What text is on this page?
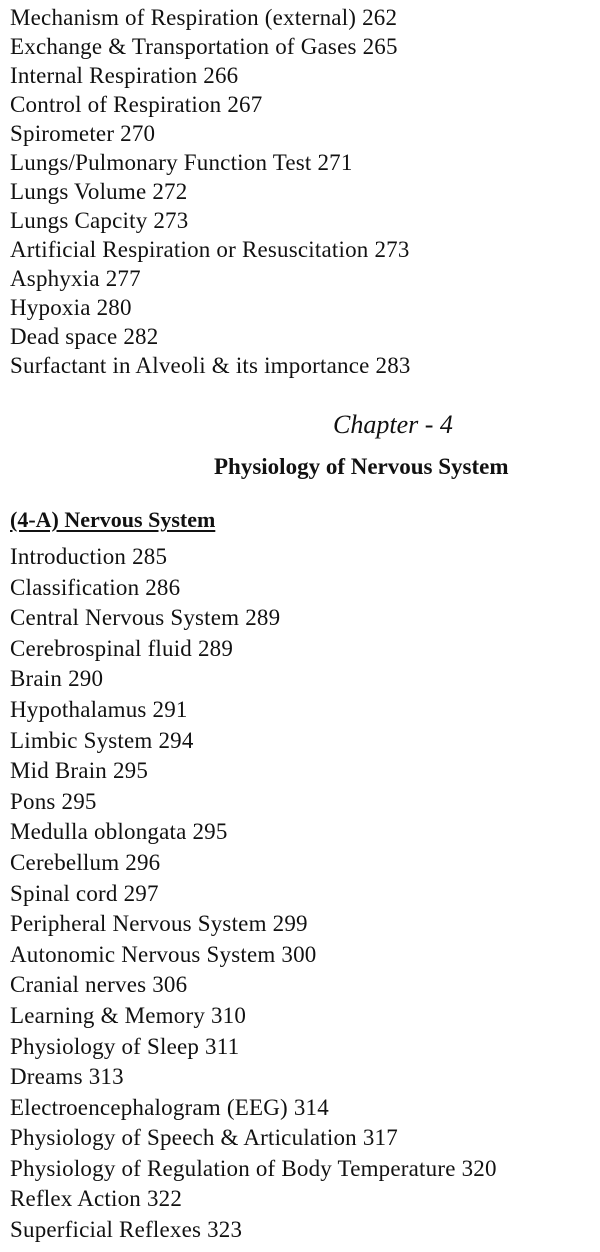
Mechanism of Respiration (external) 262
Exchange & Transportation of Gases 265
Internal Respiration 266
Control of Respiration 267
Spirometer 270
Lungs/Pulmonary Function Test 271
Lungs Volume 272
Lungs Capcity 273
Artificial Respiration or Resuscitation 273
Asphyxia 277
Hypoxia 280
Dead space 282
Surfactant in Alveoli & its importance 283
Chapter - 4
Physiology of Nervous System
(4-A) Nervous System
Introduction 285
Classification 286
Central Nervous System 289
Cerebrospinal fluid 289
Brain 290
Hypothalamus 291
Limbic System 294
Mid Brain 295
Pons 295
Medulla oblongata 295
Cerebellum 296
Spinal cord 297
Peripheral Nervous System 299
Autonomic Nervous System 300
Cranial nerves 306
Learning & Memory 310
Physiology of Sleep 311
Dreams 313
Electroencephalogram (EEG) 314
Physiology of Speech & Articulation 317
Physiology of Regulation of Body Temperature 320
Reflex Action 322
Superficial Reflexes 323
